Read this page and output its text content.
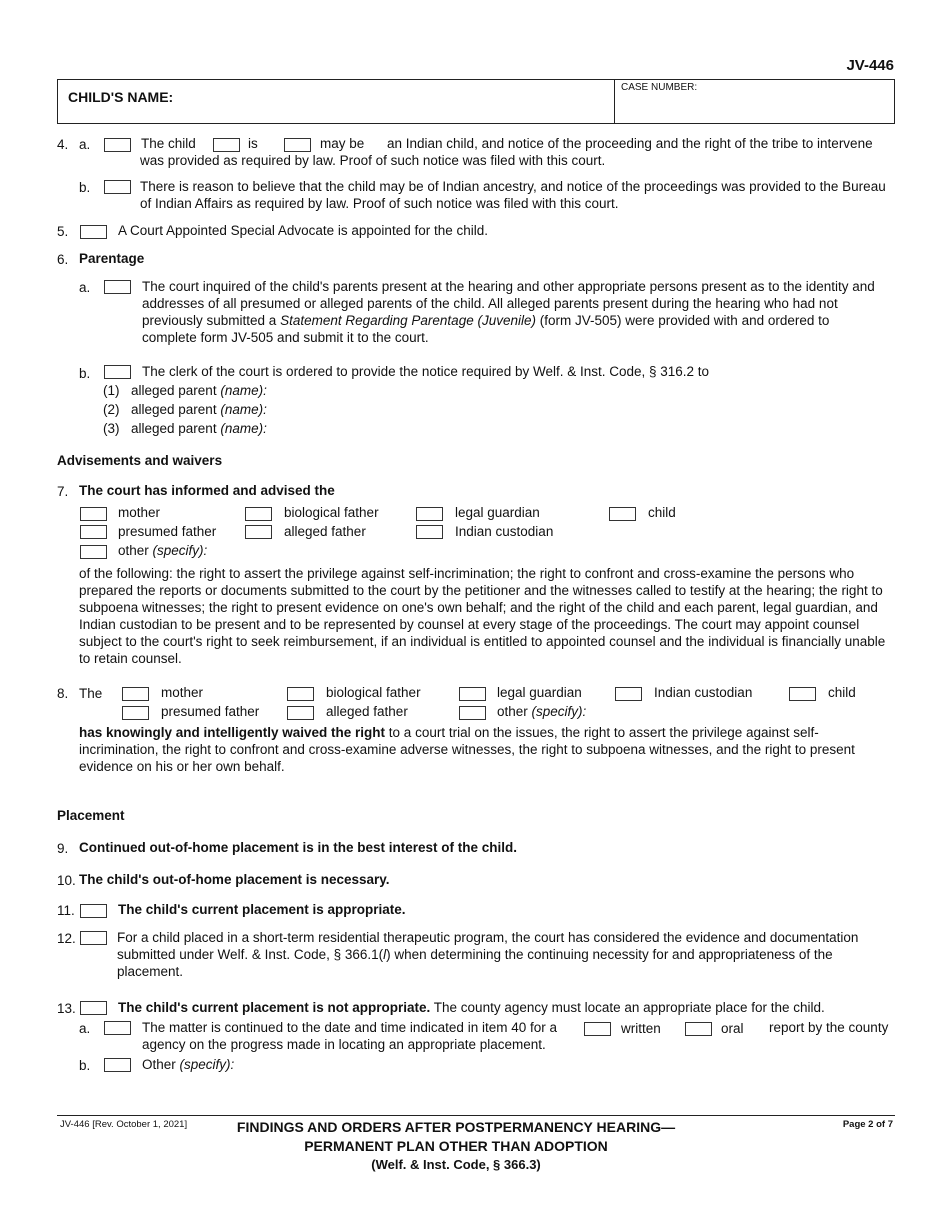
JV-446
CHILD'S NAME:
CASE NUMBER:
4. a.	The child	is	may be an Indian child, and notice of the proceeding and the right of the tribe to intervene
was provided as required by law. Proof of such notice was filed with this court.
b.	There is reason to believe that the child may be of Indian ancestry, and notice of the proceedings was provided to the Bureau of Indian Affairs as required by law. Proof of such notice was filed with this court.
5.	A Court Appointed Special Advocate is appointed for the child.
6. Parentage
a.	The court inquired of the child's parents present at the hearing and other appropriate persons present as to the identity and addresses of all presumed or alleged parents of the child. All alleged parents present during the hearing who had not previously submitted a Statement Regarding Parentage (Juvenile) (form JV-505) were provided with and ordered to complete form JV-505 and submit it to the court.
b.	The clerk of the court is ordered to provide the notice required by Welf. & Inst. Code, § 316.2 to
(1) alleged parent (name):
(2) alleged parent (name):
(3) alleged parent (name):
Advisements and waivers
7. The court has informed and advised the
mother	biological father	legal guardian	child
presumed father	alleged father	Indian custodian
other (specify):
of the following: the right to assert the privilege against self-incrimination; the right to confront and cross-examine the persons who prepared the reports or documents submitted to the court by the petitioner and the witnesses called to testify at the hearing; the right to subpoena witnesses; the right to present evidence on one's own behalf; and the right of the child and each parent, legal guardian, and Indian custodian to be present and to be represented by counsel at every stage of the proceedings. The court may appoint counsel subject to the court's right to seek reimbursement, if an individual is entitled to appointed counsel and the individual is financially unable to retain counsel.
8. The	mother	biological father	legal guardian	Indian custodian	child
presumed father	alleged father	other (specify):
has knowingly and intelligently waived the right to a court trial on the issues, the right to assert the privilege against self-incrimination, the right to confront and cross-examine adverse witnesses, the right to subpoena witnesses, and the right to present evidence on his or her own behalf.
Placement
9. Continued out-of-home placement is in the best interest of the child.
10. The child's out-of-home placement is necessary.
11.	The child's current placement is appropriate.
12.	For a child placed in a short-term residential therapeutic program, the court has considered the evidence and documentation submitted under Welf. & Inst. Code, § 366.1(l) when determining the continuing necessity for and appropriateness of the placement.
13.	The child's current placement is not appropriate. The county agency must locate an appropriate place for the child.
a.	The matter is continued to the date and time indicated in item 40 for a	written	oral report by the county
agency on the progress made in locating an appropriate placement.
b.	Other (specify):
JV-446 [Rev. October 1, 2021]	FINDINGS AND ORDERS AFTER POSTPERMANENCY HEARING—
PERMANENT PLAN OTHER THAN ADOPTION
(Welf. & Inst. Code, § 366.3)
Page 2 of 7
